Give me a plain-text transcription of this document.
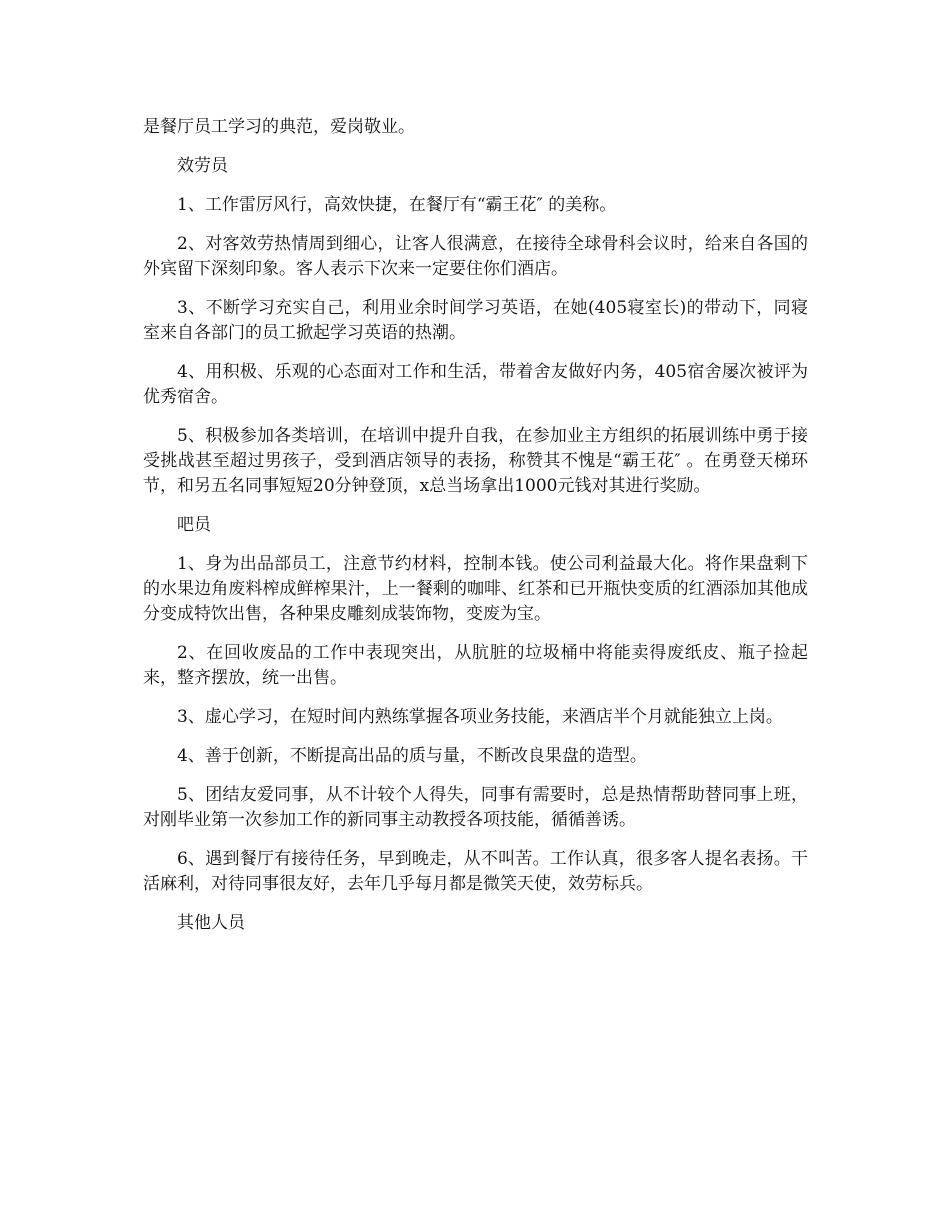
是餐厅员工学习的典范，爱岗敬业。

效劳员

1、工作雷厉风行，高效快捷，在餐厅有“霸王花″ 的美称。

2、对客效劳热情周到细心，让客人很满意，在接待全球骨科会议时，给来自各国的外宾留下深刻印象。客人表示下次来一定要住你们酒店。

3、不断学习充实自己，利用业余时间学习英语，在她(405寝室长)的带动下，同寝室来自各部门的员工掀起学习英语的热潮。

4、用积极、乐观的心态面对工作和生活，带着舍友做好内务，405宿舍屡次被评为优秀宿舍。

5、积极参加各类培训，在培训中提升自我，在参加业主方组织的拓展训练中勇于接受挑战甚至超过男孩子，受到酒店领导的表扬，称赞其不愧是“霸王花″ 。在勇登天梯环节，和另五名同事短短20分钟登顶，x总当场拿出1000元钱对其进行奖励。

吧员

1、身为出品部员工，注意节约材料，控制本钱。使公司利益最大化。将作果盘剩下的水果边角废料榨成鲜榨果汁，上一餐剩的咖啡、红茶和已开瓶快变质的红酒添加其他成分变成特饮出售，各种果皮雕刻成装饰物，变废为宝。

2、在回收废品的工作中表现突出，从肮脏的垃圾桶中将能卖得废纸皮、瓶子捡起来，整齐摆放，统一出售。

3、虚心学习，在短时间内熟练掌握各项业务技能，来酒店半个月就能独立上岗。

4、善于创新，不断提高出品的质与量，不断改良果盘的造型。

5、团结友爱同事，从不计较个人得失，同事有需要时，总是热情帮助替同事上班，对刚毕业第一次参加工作的新同事主动教授各项技能，循循善诱。

6、遇到餐厅有接待任务，早到晚走，从不叫苦。工作认真，很多客人提名表扬。干活麻利，对待同事很友好，去年几乎每月都是微笑天使，效劳标兵。

其他人员
